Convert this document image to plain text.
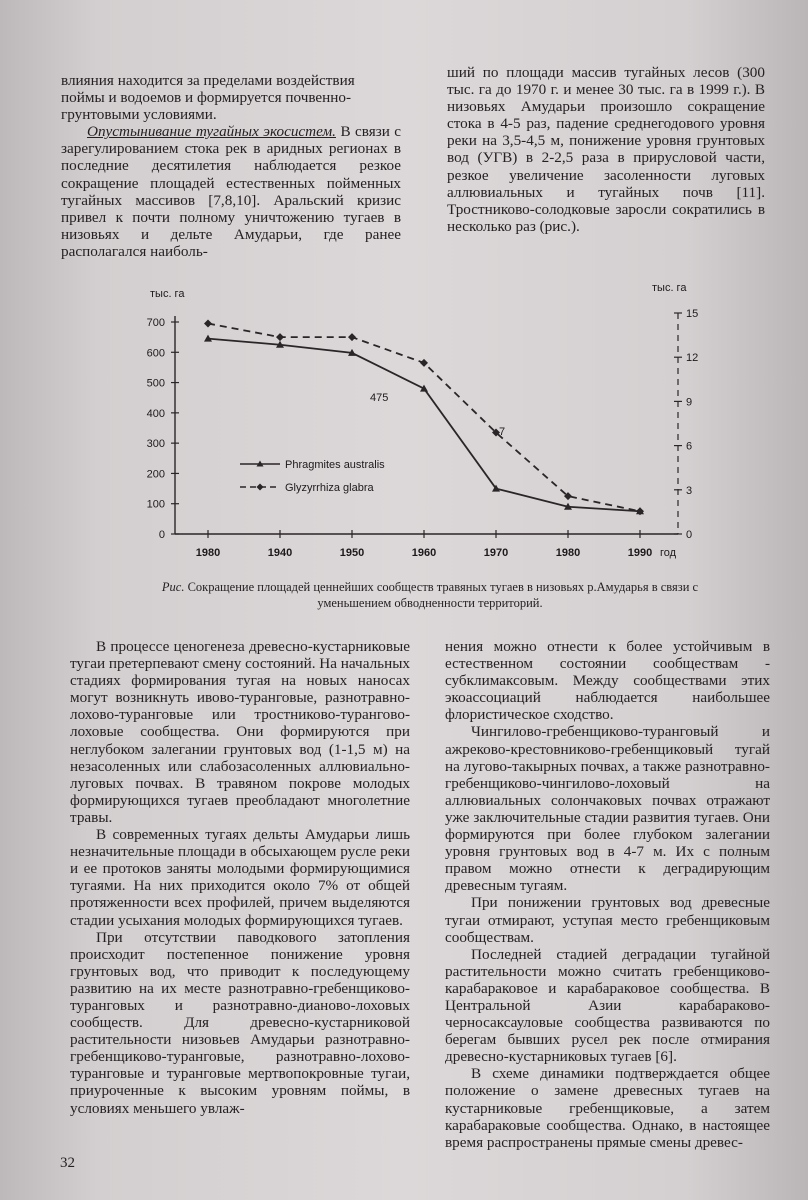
влияния находится за пределами воздействия

поймы и водоемов и формируется почвенно-

грунтовыми условиями.

Опустынивание тугайных экосистем. В связи с зарегулированием стока рек в аридных регионах в последние десятилетия наблюдается резкое сокращение площадей естественных пойменных тугайных массивов [7,8,10]. Аральский кризис привел к почти полному уничтожению тугаев в низовьях и дельте Амударьи, где ранее располагался наиболь-

ший по площади массив тугайных лесов (300 тыс. га до 1970 г. и менее 30 тыс. га в 1999 г.). В низовьях Амударьи произошло сокращение стока в 4-5 раз, падение среднегодового уровня реки на 3,5-4,5 м, понижение уровня грунтовых вод (УГВ) в 2-2,5 раза в прирусловой части, резкое увеличение засоленности луговых аллювиальных и тугайных почв [11]. Тростниково-солодковые заросли сократились в несколько раз (рис.).

0
100
200
300
400
500
600
700
0
3
6
9
12
15
1980	1940	1950	1960	1970	1980	1990
тыс. га	тыс. га
год
475
7
Phragmites australis
Glyzyrrhiza glabra
Рис. Сокращение площадей ценнейших сообществ травяных тугаев в низовьях р.Амударья в связи с уменьшением обводненности территорий.

В процессе ценогенеза древесно-кустарниковые тугаи претерпевают смену состояний. На начальных стадиях формирования тугая на новых наносах могут возникнуть ивово-туранговые, разнотравно-лохово-туранговые или тростниково-турангово-лоховые сообщества. Они формируются при неглубоком залегании грунтовых вод (1-1,5 м) на незасоленных или слабозасоленных аллювиально-луговых почвах. В травяном покрове молодых формирующихся тугаев преобладают многолетние травы.

В современных тугаях дельты Амударьи лишь незначительные площади в обсыхающем русле реки и ее протоков заняты молодыми формирующимися тугаями. На них приходится около 7% от общей протяженности всех профилей, причем выделяются стадии усыхания молодых формирующихся тугаев.

При отсутствии паводкового затопления происходит постепенное понижение уровня грунтовых вод, что приводит к последующему развитию на их месте разнотравно-гребенщиково-туранговых и разнотравно-дианово-лоховых сообществ. Для древесно-кустарниковой растительности низовьев Амударьи разнотравно-гребенщиково-туранговые, разнотравно-лохово-туранговые и туранговые мертвопокровные тугаи, приуроченные к высоким уровням поймы, в условиях меньшего увлаж-

нения можно отнести к более устойчивым в естественном состоянии сообществам - субклимаксовым. Между сообществами этих экоассоциаций наблюдается наибольшее флористическое сходство.

Чингилово-гребенщиково-туранговый и ажреково-крестовниково-гребенщиковый тугай на лугово-такырных почвах, а также разнотравно-гребенщиково-чингилово-лоховый на аллювиальных солончаковых почвах отражают уже заключительные стадии развития тугаев. Они формируются при более глубоком залегании уровня грунтовых вод в 4-7 м. Их с полным правом можно отнести к деградирующим древесным тугаям.

При понижении грунтовых вод древесные тугаи отмирают, уступая место гребенщиковым сообществам.

Последней стадией деградации тугайной растительности можно считать гребенщиково-карабараковое и карабараковое сообщества. В Центральной Азии карабараково-черносаксауловые сообщества развиваются по берегам бывших русел рек после отмирания древесно-кустарниковых тугаев [6].

В схеме динамики подтверждается общее положение о замене древесных тугаев на кустарниковые гребенщиковые, а затем карабараковые сообщества. Однако, в настоящее время распространены прямые смены древес-

32
